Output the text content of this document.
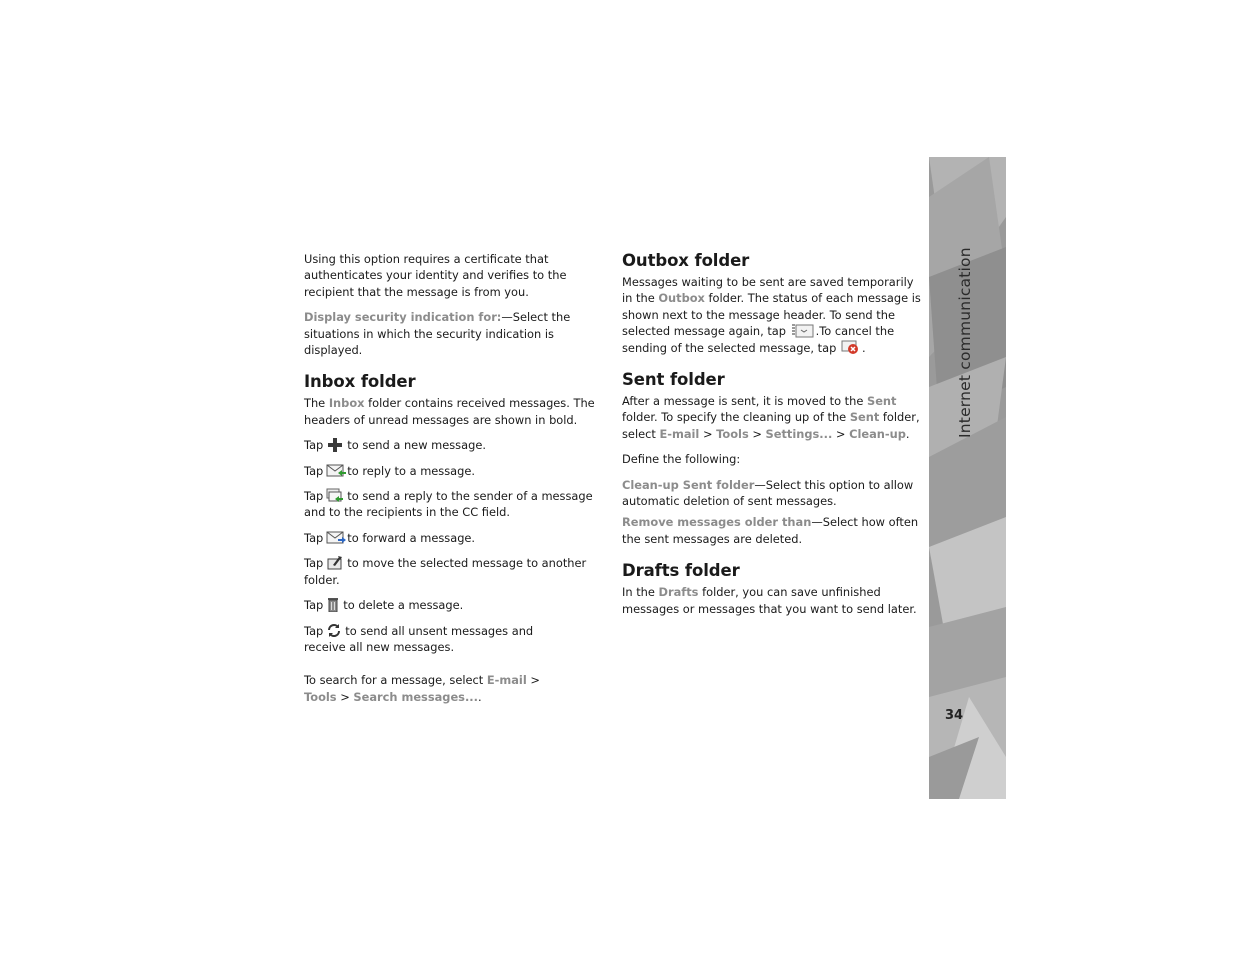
Using this option requires a certificate that authenticates your identity and verifies to the recipient that the message is from you.

Display security indication for:—Select the situations in which the security indication is displayed.

Inbox folder

The Inbox folder contains received messages. The headers of unread messages are shown in bold.

Tap to send a new message.

Tap to reply to a message.

Tap to send a reply to the sender of a message and to the recipients in the CC field.

Tap to forward a message.

Tap to move the selected message to another folder.

Tap to delete a message.

Tap to send all unsent messages and receive all new messages.

To search for a message, select E-mail > Tools > Search messages....

Outbox folder

Messages waiting to be sent are saved temporarily in the Outbox folder. The status of each message is shown next to the message header. To send the selected message again, tap
.To cancel the sending of the selected message, tap
.

Sent folder

After a message is sent, it is moved to the Sent folder. To specify the cleaning up of the Sent folder, select E-mail > Tools > Settings... > Clean-up.

Define the following:

Clean-up Sent folder—Select this option to allow automatic deletion of sent messages.

Remove messages older than—Select how often the sent messages are deleted.

Drafts folder

In the Drafts folder, you can save unfinished messages or messages that you want to send later.

Internet communication
34
